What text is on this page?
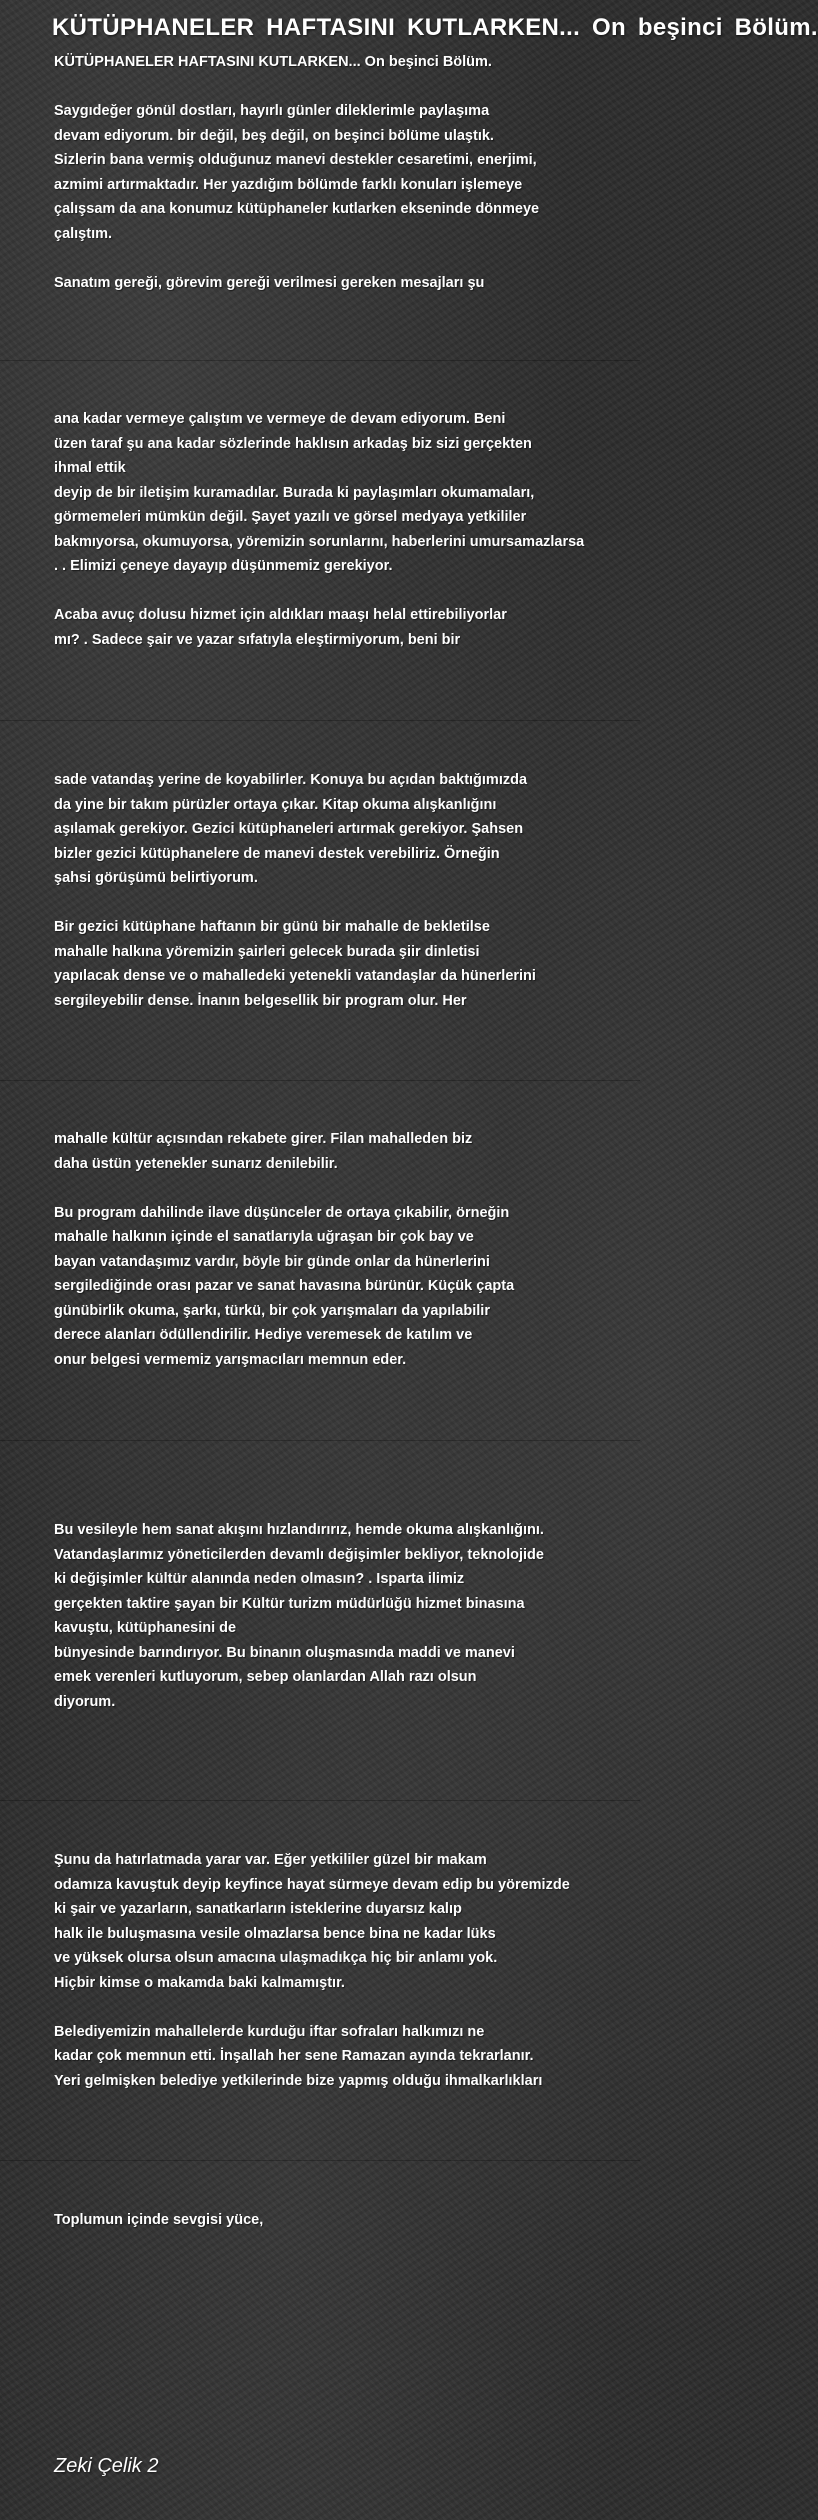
KÜTÜPHANELER HAFTASINI KUTLARKEN... On beşinci Bölüm.
KÜTÜPHANELER HAFTASINI KUTLARKEN... On beşinci Bölüm.
Saygıdeğer gönül dostları, hayırlı günler dileklerimle paylaşıma
devam ediyorum. bir değil, beş değil, on beşinci bölüme ulaştık.
Sizlerin bana vermiş olduğunuz manevi destekler cesaretimi, enerjimi,
azmimi artırmaktadır. Her yazdığım bölümde farklı konuları işlemeye
çalışsam da ana konumuz kütüphaneler kutlarken ekseninde dönmeye
çalıştım.
Sanatım gereği, görevim gereği verilmesi gereken mesajları şu
ana kadar vermeye çalıştım ve vermeye de devam ediyorum. Beni
üzen taraf şu ana kadar sözlerinde haklısın arkadaş biz sizi gerçekten
ihmal ettik
deyip de bir iletişim kuramadılar. Burada ki paylaşımları okumamaları,
görmemeleri mümkün değil. Şayet yazılı ve görsel medyaya yetkililer
bakmıyorsa, okumuyorsa, yöremizin sorunlarını, haberlerini umursamazlarsa
. . Elimizi çeneye dayayıp düşünmemiz gerekiyor.
Acaba avuç dolusu hizmet için aldıkları maaşı helal ettirebiliyorlar
mı? . Sadece şair ve yazar sıfatıyla eleştirmiyorum, beni bir
sade vatandaş yerine de koyabilirler. Konuya bu açıdan baktığımızda
da yine bir takım pürüzler ortaya çıkar. Kitap okuma alışkanlığını
aşılamak gerekiyor. Gezici kütüphaneleri artırmak gerekiyor. Şahsen
bizler gezici kütüphanelere de manevi destek verebiliriz. Örneğin
şahsi görüşümü belirtiyorum.
Bir gezici kütüphane haftanın bir günü bir mahalle de bekletilse
mahalle halkına yöremizin şairleri gelecek burada şiir dinletisi
yapılacak dense ve o mahalledeki yetenekli vatandaşlar da hünerlerini
sergileyebilir dense. İnanın belgesellik bir program olur. Her
mahalle kültür açısından rekabete girer. Filan mahalleden biz
daha üstün yetenekler sunarız denilebilir.
Bu program dahilinde ilave düşünceler de ortaya çıkabilir, örneğin
mahalle halkının içinde el sanatlarıyla uğraşan bir çok bay ve
bayan vatandaşımız vardır, böyle bir günde onlar da hünerlerini
sergilediğinde orası pazar ve sanat havasına bürünür. Küçük çapta
günübirlik okuma, şarkı, türkü, bir çok yarışmaları da yapılabilir
derece alanları ödüllendirilir. Hediye veremesek de katılım ve
onur belgesi vermemiz yarışmacıları memnun eder.
Bu vesileyle hem sanat akışını hızlandırırız, hemde okuma alışkanlığını.
Vatandaşlarımız yöneticilerden devamlı değişimler bekliyor, teknolojide
ki değişimler kültür alanında neden olmasın? . Isparta ilimiz
gerçekten taktire şayan bir Kültür turizm müdürlüğü hizmet binasına
kavuştu, kütüphanesini de
bünyesinde barındırıyor. Bu binanın oluşmasında maddi ve manevi
emek verenleri kutluyorum, sebep olanlardan Allah razı olsun
diyorum.
Şunu da hatırlatmada yarar var. Eğer yetkililer güzel bir makam
odamıza kavuştuk deyip keyfince hayat sürmeye devam edip bu yöremizde
ki şair ve yazarların, sanatkarların isteklerine duyarsız kalıp
halk ile buluşmasına vesile olmazlarsa bence bina ne kadar lüks
ve yüksek olursa olsun amacına ulaşmadıkça hiç bir anlamı yok.
Hiçbir kimse o makamda baki kalmamıştır.
Belediyemizin mahallelerde kurduğu iftar sofraları halkımızı ne
kadar çok memnun etti. İnşallah her sene Ramazan ayında tekrarlanır.
Yeri gelmişken belediye yetkilerinde bize yapmış olduğu ihmalkarlıkları
Toplumun içinde sevgisi yüce,
Zeki Çelik 2
